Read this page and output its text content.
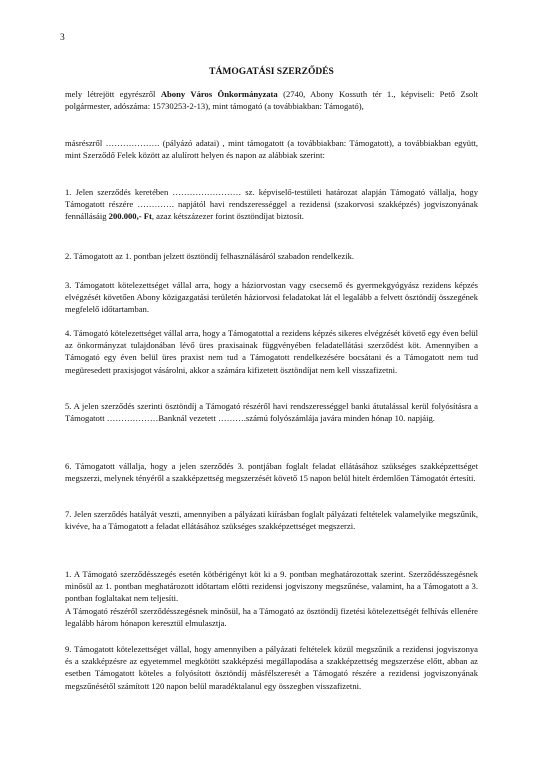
3
TÁMOGATÁSI SZERZŐDÉS

mely létrejött egyrészről Abony Város Önkormányzata (2740, Abony Kossuth tér 1., képviseli: Pető Zsolt polgármester, adószáma: 15730253-2-13), mint támogató (a továbbiakban: Támogató),

másrészről ………………. (pályázó adatai) , mint támogatott (a továbbiakban: Támogatott), a továbbiakban együtt, mint Szerződő Felek között az alulírott helyen és napon az alábbiak szerint:

1. Jelen szerződés keretében …………………… sz. képviselő-testületi határozat alapján Támogató vállalja, hogy Támogatott részére …………. napjától havi rendszerességgel a rezidensi (szakorvosi szakképzés) jogviszonyának fennállásáig 200.000,- Ft, azaz kétszázezer forint ösztöndíjat biztosít.

2. Támogatott az 1. pontban jelzett ösztöndíj felhasználásáról szabadon rendelkezik.

3. Támogatott kötelezettséget vállal arra, hogy a háziorvostan vagy csecsemő és gyermekgyógyász rezidens képzés elvégzését követően Abony közigazgatási területén háziorvosi feladatokat lát el legalább a felvett ösztöndíj összegének megfelelő időtartamban.

4. Támogató kötelezettséget vállal arra, hogy a Támogatottal a rezidens képzés sikeres elvégzését követő egy éven belül az önkormányzat tulajdonában lévő üres praxisainak függvényében feladatellátási szerződést köt. Amennyiben a Támogató egy éven belül üres praxist nem tud a Támogatott rendelkezésére bocsátani és a Támogatott nem tud megüresedett praxisjogot vásárolni, akkor a számára kifizetett ösztöndíjat nem kell visszafizetni.

5. A jelen szerződés szerinti ösztöndíj a Támogató részéről havi rendszerességgel banki átutalással kerül folyósításra a Támogatott ………………Banknál vezetett ……….számú folyószámlája javára minden hónap 10. napjáig.

6. Támogatott vállalja, hogy a jelen szerződés 3. pontjában foglalt feladat ellátásához szükséges szakképzettséget megszerzi, melynek tényéről a szakképzettség megszerzését követő 15 napon belül hitelt érdemlően Támogatót értesíti.

7. Jelen szerződés hatályát veszti, amennyiben a pályázati kiírásban foglalt pályázati feltételek valamelyike megszűnik, kivéve, ha a Támogatott a feladat ellátásához szükséges szakképzettséget megszerzi.

1. A Támogató szerződésszegés esetén kötbérigényt köt ki a 9. pontban meghatározottak szerint. Szerződésszegésnek minősül az 1. pontban meghatározott időtartam előtti rezidensi jogviszony megszűnése, valamint, ha a Támogatott a 3. pontban foglaltakat nem teljesíti.

A Támogató részéről szerződésszegésnek minősül, ha a Támogató az ösztöndíj fizetési kötelezettségét felhívás ellenére legalább három hónapon keresztül elmulasztja.

9. Támogatott kötelezettséget vállal, hogy amennyiben a pályázati feltételek közül megszűnik a rezidensi jogviszonya és a szakképzésre az egyetemmel megkötött szakképzési megállapodása a szakképzettség megszerzése előtt, abban az esetben Támogatott köteles a folyósított ösztöndíj másfélszeresét a Támogató részére a rezidensi jogviszonyának megszűnésétől számított 120 napon belül maradéktalanul egy összegben visszafizetni.
